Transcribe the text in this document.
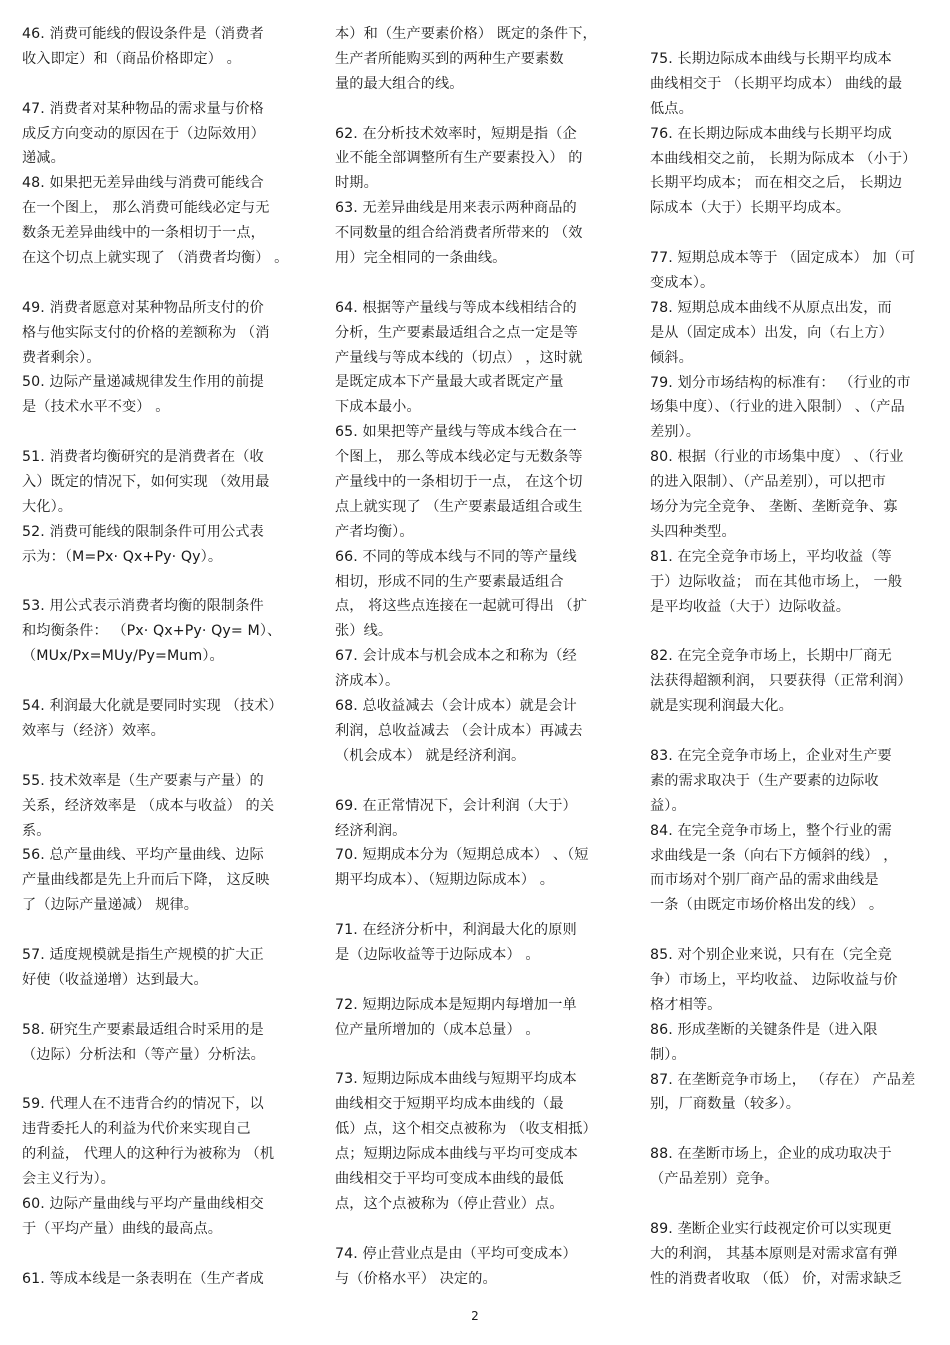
46. 消费可能线的假设条件是（消费者
收入即定）和（商品价格即定） 。
47. 消费者对某种物品的需求量与价格
成反方向变动的原因在于（边际效用）
递减。
48. 如果把无差异曲线与消费可能线合
在一个图上， 那么消费可能线必定与无
数条无差异曲线中的一条相切于一点，
在这个切点上就实现了 （消费者均衡） 。
49. 消费者愿意对某种物品所支付的价
格与他实际支付的价格的差额称为 （消
费者剩余）。
50. 边际产量递减规律发生作用的前提
是（技术水平不变） 。
51. 消费者均衡研究的是消费者在（收
入）既定的情况下，如何实现 （效用最
大化）。
52. 消费可能线的限制条件可用公式表
示为：（M=Px· Qx+Py· Qy）。
53. 用公式表示消费者均衡的限制条件
和均衡条件： （Px· Qx+Py· Qy= M）、
（MUx/Px=MUy/Py=Mum）。
54. 利润最大化就是要同时实现 （技术）
效率与（经济）效率。
55. 技术效率是（生产要素与产量）的
关系，经济效率是 （成本与收益） 的关
系。
56. 总产量曲线、平均产量曲线、边际
产量曲线都是先上升而后下降， 这反映
了（边际产量递减） 规律。
57. 适度规模就是指生产规模的扩大正
好使（收益递增）达到最大。
58. 研究生产要素最适组合时采用的是
（边际）分析法和（等产量）分析法。
59. 代理人在不违背合约的情况下，以
违背委托人的利益为代价来实现自己
的利益， 代理人的这种行为被称为 （机
会主义行为）。
60. 边际产量曲线与平均产量曲线相交
于（平均产量）曲线的最高点。
61. 等成本线是一条表明在（生产者成
本）和（生产要素价格） 既定的条件下，
生产者所能购买到的两种生产要素数
量的最大组合的线。
62. 在分析技术效率时，短期是指（企
业不能全部调整所有生产要素投入） 的
时期。
63. 无差异曲线是用来表示两种商品的
不同数量的组合给消费者所带来的 （效
用）完全相同的一条曲线。
64. 根据等产量线与等成本线相结合的
分析，生产要素最适组合之点一定是等
产量线与等成本线的（切点） ，这时就
是既定成本下产量最大或者既定产量
下成本最小。
65. 如果把等产量线与等成本线合在一
个图上， 那么等成本线必定与无数条等
产量线中的一条相切于一点， 在这个切
点上就实现了 （生产要素最适组合或生
产者均衡）。
66. 不同的等成本线与不同的等产量线
相切，形成不同的生产要素最适组合
点， 将这些点连接在一起就可得出 （扩
张）线。
67. 会计成本与机会成本之和称为（经
济成本）。
68. 总收益减去（会计成本）就是会计
利润，总收益减去 （会计成本）再减去
（机会成本） 就是经济利润。
69. 在正常情况下，会计利润（大于）
经济利润。
70. 短期成本分为（短期总成本） 、（短
期平均成本）、（短期边际成本） 。
71. 在经济分析中，利润最大化的原则
是（边际收益等于边际成本） 。
72. 短期边际成本是短期内每增加一单
位产量所增加的（成本总量） 。
73. 短期边际成本曲线与短期平均成本
曲线相交于短期平均成本曲线的（最
低）点，这个相交点被称为 （收支相抵）
点；短期边际成本曲线与平均可变成本
曲线相交于平均可变成本曲线的最低
点，这个点被称为（停止营业）点。
74. 停止营业点是由（平均可变成本）
与（价格水平） 决定的。
75. 长期边际成本曲线与长期平均成本
曲线相交于 （长期平均成本） 曲线的最
低点。
76. 在长期边际成本曲线与长期平均成
本曲线相交之前， 长期为际成本 （小于）
长期平均成本； 而在相交之后， 长期边
际成本（大于）长期平均成本。
77. 短期总成本等于 （固定成本） 加（可
变成本）。
78. 短期总成本曲线不从原点出发，而
是从（固定成本）出发，向（右上方）
倾斜。
79. 划分市场结构的标准有： （行业的市
场集中度）、（行业的进入限制） 、（产品
差别）。
80. 根据（行业的市场集中度） 、（行业
的进入限制）、（产品差别），可以把市
场分为完全竞争、 垄断、垄断竞争、寡
头四种类型。
81. 在完全竞争市场上，平均收益（等
于）边际收益； 而在其他市场上， 一般
是平均收益（大于）边际收益。
82. 在完全竞争市场上，长期中厂商无
法获得超额利润， 只要获得（正常利润）
就是实现利润最大化。
83. 在完全竞争市场上，企业对生产要
素的需求取决于（生产要素的边际收
益）。
84. 在完全竞争市场上，整个行业的需
求曲线是一条（向右下方倾斜的线） ，
而市场对个别厂商产品的需求曲线是
一条（由既定市场价格出发的线） 。
85. 对个别企业来说，只有在（完全竞
争）市场上，平均收益、 边际收益与价
格才相等。
86. 形成垄断的关键条件是（进入限
制）。
87. 在垄断竞争市场上， （存在） 产品差
别，厂商数量（较多）。
88. 在垄断市场上，企业的成功取决于
（产品差别）竞争。
89. 垄断企业实行歧视定价可以实现更
大的利润， 其基本原则是对需求富有弹
性的消费者收取 （低） 价，对需求缺乏
2
